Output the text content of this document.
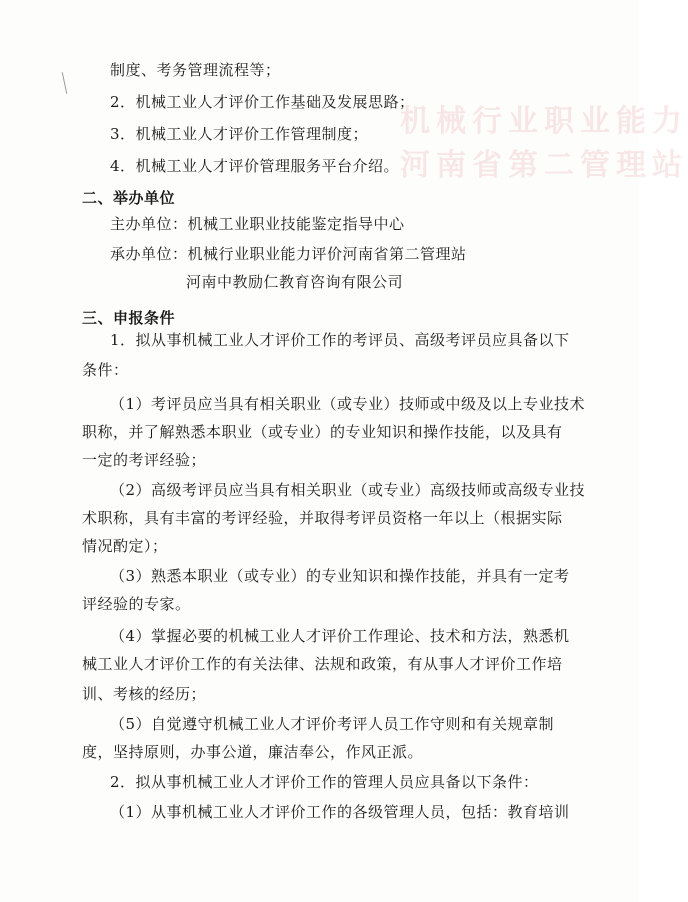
机械行业职业能力
河南省第二管理站
制度、考务管理流程等；
2．机械工业人才评价工作基础及发展思路；
3．机械工业人才评价工作管理制度；
4．机械工业人才评价管理服务平台介绍。
二、举办单位
主办单位：机械工业职业技能鉴定指导中心
承办单位：机械行业职业能力评价河南省第二管理站
河南中教励仁教育咨询有限公司
三、申报条件
1．拟从事机械工业人才评价工作的考评员、高级考评员应具备以下
条件：
（1）考评员应当具有相关职业（或专业）技师或中级及以上专业技术
职称，并了解熟悉本职业（或专业）的专业知识和操作技能，以及具有
一定的考评经验；
（2）高级考评员应当具有相关职业（或专业）高级技师或高级专业技
术职称，具有丰富的考评经验，并取得考评员资格一年以上（根据实际
情况酌定）；
（3）熟悉本职业（或专业）的专业知识和操作技能，并具有一定考
评经验的专家。
（4）掌握必要的机械工业人才评价工作理论、技术和方法，熟悉机
械工业人才评价工作的有关法律、法规和政策，有从事人才评价工作培
训、考核的经历；
（5）自觉遵守机械工业人才评价考评人员工作守则和有关规章制
度，坚持原则，办事公道，廉洁奉公，作风正派。
2．拟从事机械工业人才评价工作的管理人员应具备以下条件：
（1）从事机械工业人才评价工作的各级管理人员，包括：教育培训
